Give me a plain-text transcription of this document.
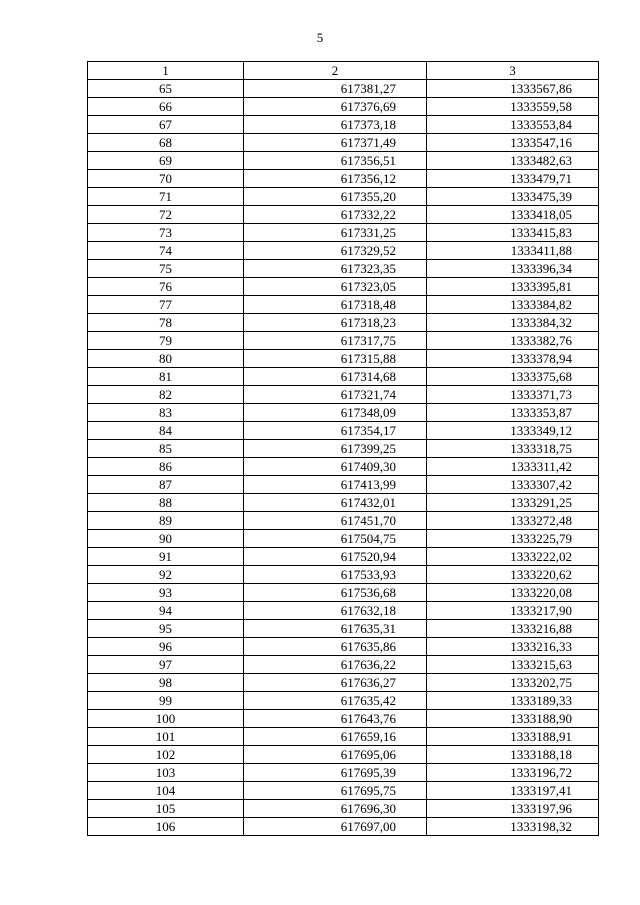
5
1	2	3
65	617381,27	1333567,86
66	617376,69	1333559,58
67	617373,18	1333553,84
68	617371,49	1333547,16
69	617356,51	1333482,63
70	617356,12	1333479,71
71	617355,20	1333475,39
72	617332,22	1333418,05
73	617331,25	1333415,83
74	617329,52	1333411,88
75	617323,35	1333396,34
76	617323,05	1333395,81
77	617318,48	1333384,82
78	617318,23	1333384,32
79	617317,75	1333382,76
80	617315,88	1333378,94
81	617314,68	1333375,68
82	617321,74	1333371,73
83	617348,09	1333353,87
84	617354,17	1333349,12
85	617399,25	1333318,75
86	617409,30	1333311,42
87	617413,99	1333307,42
88	617432,01	1333291,25
89	617451,70	1333272,48
90	617504,75	1333225,79
91	617520,94	1333222,02
92	617533,93	1333220,62
93	617536,68	1333220,08
94	617632,18	1333217,90
95	617635,31	1333216,88
96	617635,86	1333216,33
97	617636,22	1333215,63
98	617636,27	1333202,75
99	617635,42	1333189,33
100	617643,76	1333188,90
101	617659,16	1333188,91
102	617695,06	1333188,18
103	617695,39	1333196,72
104	617695,75	1333197,41
105	617696,30	1333197,96
106	617697,00	1333198,32
